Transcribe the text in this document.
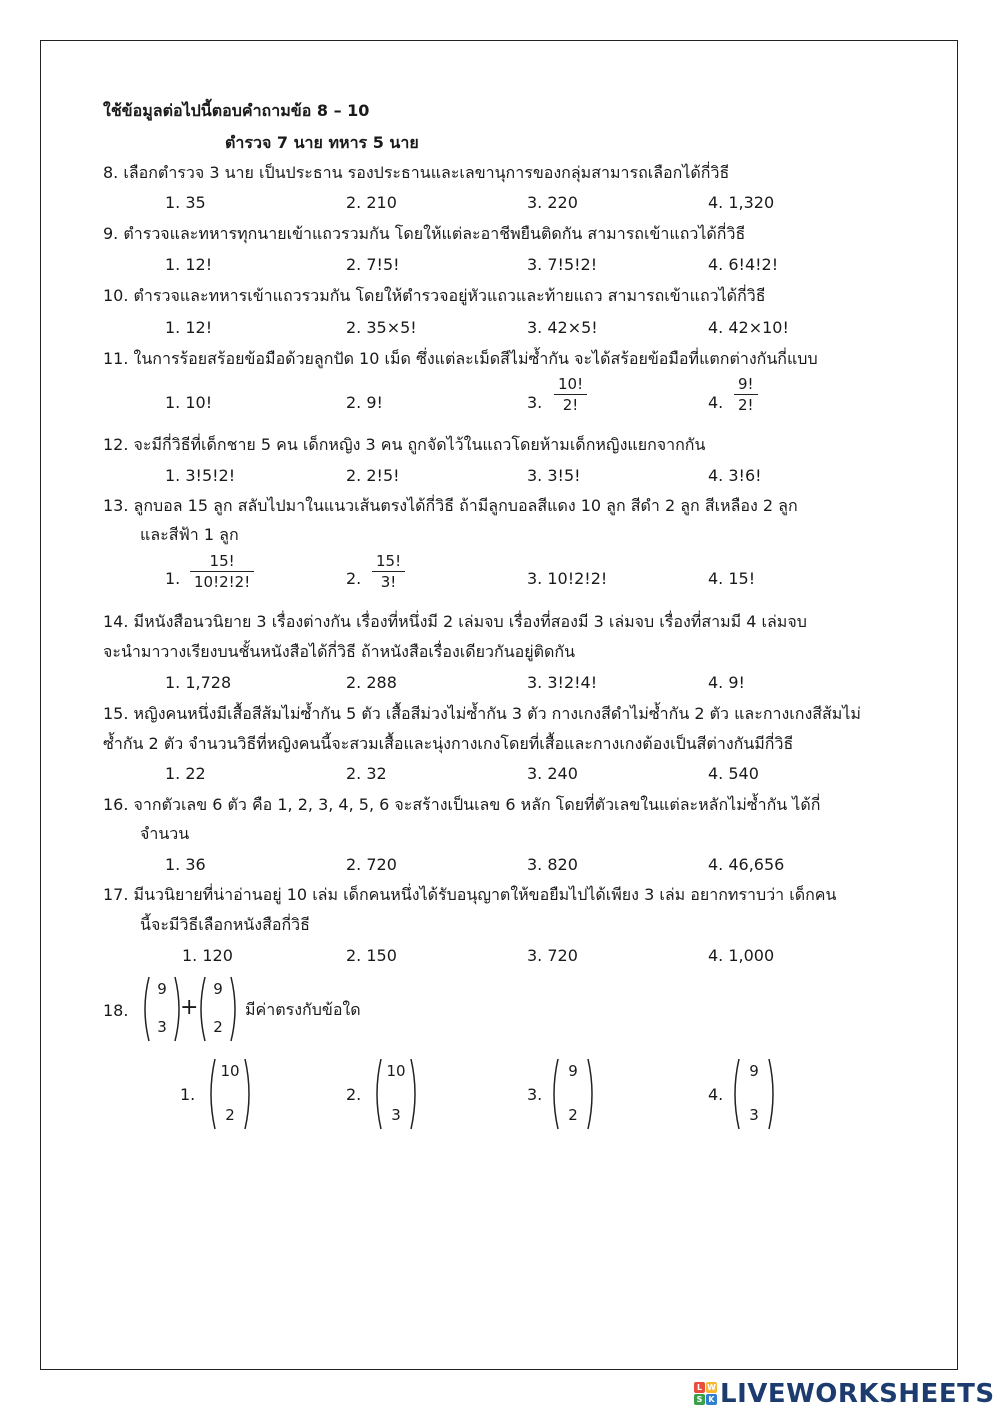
ใช้ข้อมูลต่อไปนี้ตอบคำถามข้อ 8 – 10
ตำรวจ 7 นาย ทหาร 5 นาย
8. เลือกตำรวจ 3 นาย เป็นประธาน รองประธานและเลขานุการของกลุ่มสามารถเลือกได้กี่วิธี
1. 35	2. 210	3. 220	4. 1,320
9. ตำรวจและทหารทุกนายเข้าแถวรวมกัน โดยให้แต่ละอาชีพยืนติดกัน สามารถเข้าแถวได้กี่วิธี
1. 12!	2. 7!5!	3. 7!5!2!	4. 6!4!2!
10. ตำรวจและทหารเข้าแถวรวมกัน โดยให้ตำรวจอยู่หัวแถวและท้ายแถว สามารถเข้าแถวได้กี่วิธี
1. 12!	2. 35×5!	3. 42×5!	4. 42×10!
11. ในการร้อยสร้อยข้อมือด้วยลูกปัด 10 เม็ด ซึ่งแต่ละเม็ดสีไม่ซ้ำกัน จะได้สร้อยข้อมือที่แตกต่างกันกี่แบบ
1. 10!	2. 9!	3. $\frac{10!}{2!}$	4. $\frac{9!}{2!}$
12. จะมีกี่วิธีที่เด็กชาย 5 คน เด็กหญิง 3 คน ถูกจัดไว้ในแถวโดยห้ามเด็กหญิงแยกจากกัน
1. 3!5!2!	2. 2!5!	3. 3!5!	4. 3!6!
13. ลูกบอล 15 ลูก สลับไปมาในแนวเส้นตรงได้กี่วิธี ถ้ามีลูกบอลสีแดง 10 ลูก สีดำ 2 ลูก สีเหลือง 2 ลูก
และสีฟ้า 1 ลูก
1. $\frac{15!}{10!2!2!}$	2. $\frac{15!}{3!}$	3. 10!2!2!	4. 15!
14. มีหนังสือนวนิยาย 3 เรื่องต่างกัน เรื่องที่หนึ่งมี 2 เล่มจบ เรื่องที่สองมี 3 เล่มจบ เรื่องที่สามมี 4 เล่มจบ
จะนำมาวางเรียงบนชั้นหนังสือได้กี่วิธี ถ้าหนังสือเรื่องเดียวกันอยู่ติดกัน
1. 1,728	2. 288	3. 3!2!4!	4. 9!
15. หญิงคนหนึ่งมีเสื้อสีส้มไม่ซ้ำกัน 5 ตัว เสื้อสีม่วงไม่ซ้ำกัน 3 ตัว กางเกงสีดำไม่ซ้ำกัน 2 ตัว และกางเกงสีส้มไม่
ซ้ำกัน 2 ตัว จำนวนวิธีที่หญิงคนนี้จะสวมเสื้อและนุ่งกางเกงโดยที่เสื้อและกางเกงต้องเป็นสีต่างกันมีกี่วิธี
1. 22	2. 32	3. 240	4. 540
16. จากตัวเลข 6 ตัว คือ 1, 2, 3, 4, 5, 6 จะสร้างเป็นเลข 6 หลัก โดยที่ตัวเลขในแต่ละหลักไม่ซ้ำกัน ได้กี่
จำนวน
1. 36	2. 720	3. 820	4. 46,656
17. มีนวนิยายที่น่าอ่านอยู่ 10 เล่ม เด็กคนหนึ่งได้รับอนุญาตให้ขอยืมไปได้เพียง 3 เล่ม อยากทราบว่า เด็กคน
นี้จะมีวิธีเลือกหนังสือกี่วิธี
1. 120	2. 150	3. 720	4. 1,000
18.
9
3
+
9
2
มีค่าตรงกับข้อใด
1.
10
2
2.
10
3
3.
9
2
4.
9
3
L W
S K LIVEWORKSHEETS
